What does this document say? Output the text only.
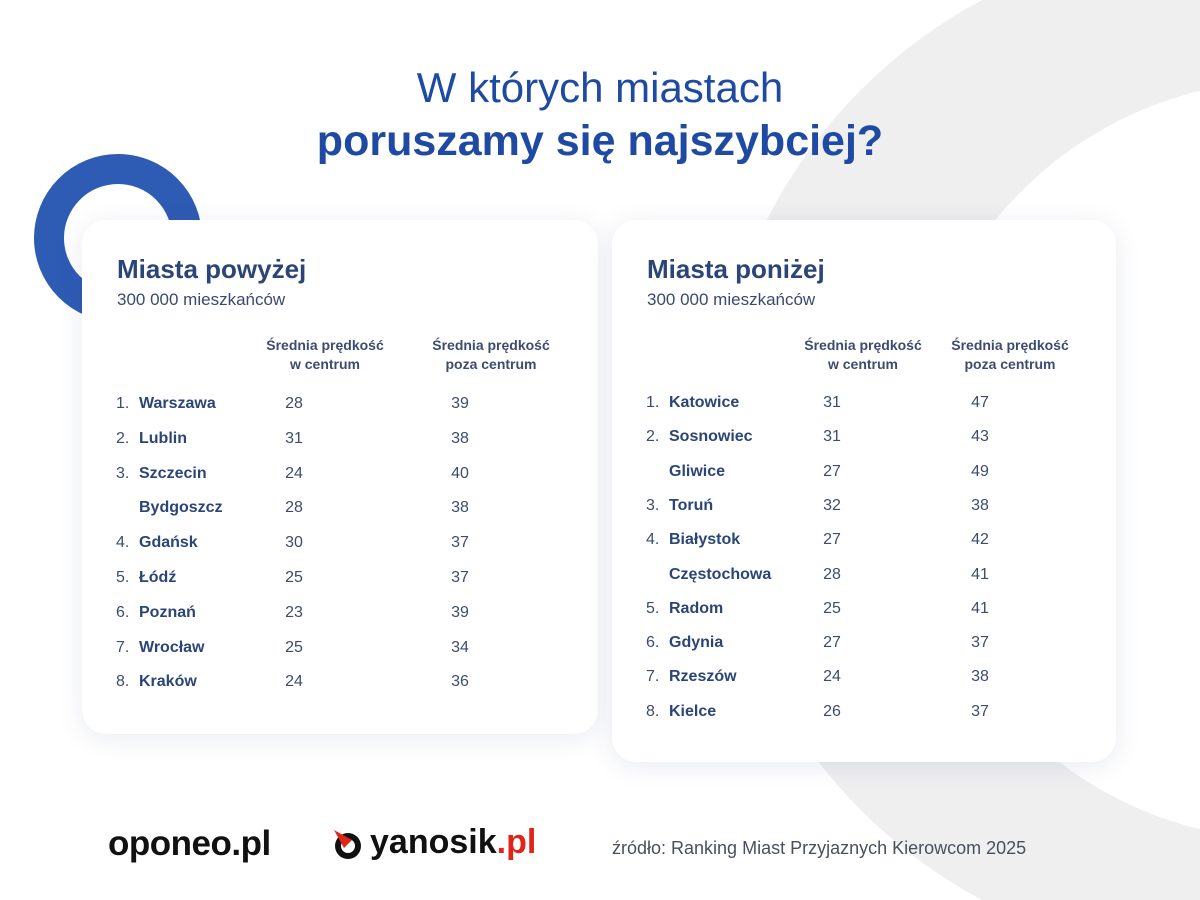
W których miastach
poruszamy się najszybciej?
Miasta powyżej
300 000 mieszkańców
Średnia prędkość
w centrum
Średnia prędkość
poza centrum
1. Warszawa	28	39
2. Lublin	31	38
3. Szczecin	24	40
Bydgoszcz	28	38
4. Gdańsk	30	37
5. Łódź	25	37
6. Poznań	23	39
7. Wrocław	25	34
8. Kraków	24	36
Miasta poniżej
300 000 mieszkańców
Średnia prędkość
w centrum
Średnia prędkość
poza centrum
1. Katowice	31	47
2. Sosnowiec	31	43
Gliwice	27	49
3. Toruń	32	38
4. Białystok	27	42
Częstochowa	28	41
5. Radom	25	41
6. Gdynia	27	37
7. Rzeszów	24	38
8. Kielce	26	37
oponeo.pl	yanosik.pl	źródło: Ranking Miast Przyjaznych Kierowcom 2025
